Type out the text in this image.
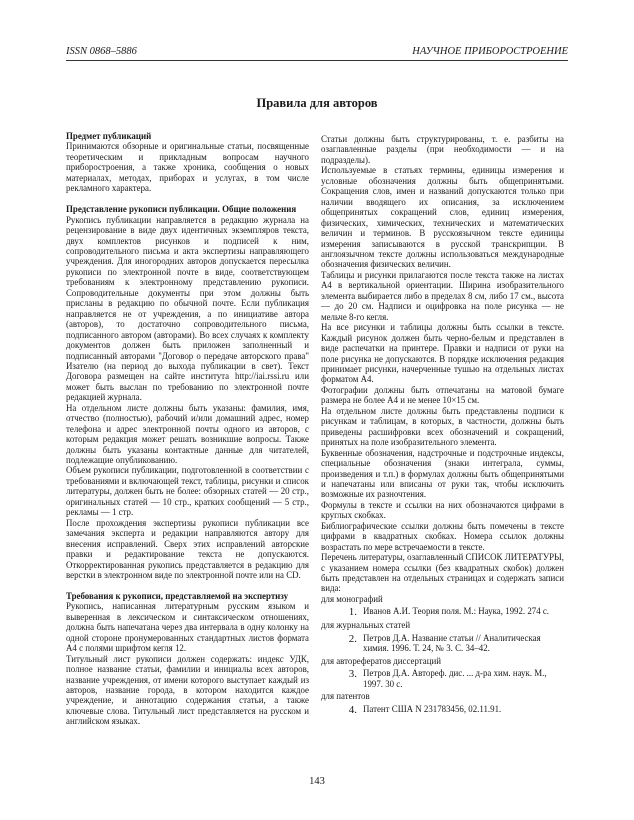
ISSN 0868–5886	НАУЧНОЕ ПРИБОРОСТРОЕНИЕ
Правила для авторов

Предмет публикаций

Принимаются обзорные и оригинальные статьи, посвященные теоретическим и прикладным вопросам научного приборостроения, а также хроника, сообщения о новых материалах, методах, приборах и услугах, в том числе рекламного характера.

Представление рукописи публикации. Общие положения

Рукопись публикации направляется в редакцию журнала на рецензирование в виде двух идентичных экземпляров текста, двух комплектов рисунков и подписей к ним, сопроводительного письма и акта экспертизы направляющего учреждения. Для иногородних авторов допускается пересылка рукописи по электронной почте в виде, соответствующем требованиям к электронному представлению рукописи. Сопроводительные документы при этом должны быть присланы в редакцию по обычной почте. Если публикация направляется не от учреждения, а по инициативе автора (авторов), то достаточно сопроводительного письма, подписанного автором (авторами). Во всех случаях к комплекту документов должен быть приложен заполненный и подписанный авторами "Договор о передаче авторского права" Изателю (на период до выхода публикации в свет). Текст Договора размещен на сайте института http://iai.rssi.ru или может быть выслан по требованию по электронной почте редакцией журнала.

На отдельном листе должны быть указаны: фамилия, имя, отчество (полностью), рабочий и/или домашний адрес, номер телефона и адрес электронной почты одного из авторов, с которым редакция может решать возникшие вопросы. Также должны быть указаны контактные данные для читателей, подлежащие опубликованию.

Объем рукописи публикации, подготовленной в соответствии с требованиями и включающей текст, таблицы, рисунки и список литературы, должен быть не более: обзорных статей — 20 стр., оригинальных статей — 10 стр., кратких сообщений — 5 стр., рекламы — 1 стр.

После прохождения экспертизы рукописи публикации все замечания эксперта и редакции направляются автору для внесения исправлений. Сверх этих исправлений авторские правки и редактирование текста не допускаются. Откорректированная рукопись представляется в редакцию для верстки в электронном виде по электронной почте или на CD.

Требования к рукописи, представляемой на экспертизу

Рукопись, написанная литературным русским языком и выверенная в лексическом и синтаксическом отношениях, должна быть напечатана через два интервала в одну колонку на одной стороне пронумерованных стандартных листов формата А4 с полями шрифтом кегля 12.

Титульный лист рукописи должен содержать: индекс УДК, полное название статьи, фамилии и инициалы всех авторов, название учреждения, от имени которого выступает каждый из авторов, название города, в котором находится каждое учреждение, и аннотацию содержания статьи, а также ключевые слова. Титульный лист представляется на русском и английском языках.

Статьи должны быть структурированы, т. е. разбиты на озаглавленные разделы (при необходимости — и на подразделы).

Используемые в статьях термины, единицы измерения и условные обозначения должны быть общепринятыми. Сокращения слов, имен и названий допускаются только при наличии вводящего их описания, за исключением общепринятых сокращений слов, единиц измерения, физических, химических, технических и математических величин и терминов. В русскоязычном тексте единицы измерения записываются в русской транскрипции. В англоязычном тексте должны использоваться международные обозначения физических величин.

Таблицы и рисунки прилагаются после текста также на листах А4 в вертикальной ориентации. Ширина изобразительного элемента выбирается либо в пределах 8 см, либо 17 см., высота — до 20 см. Надписи и оцифровка на поле рисунка — не мельче 8-го кегля.

На все рисунки и таблицы должны быть ссылки в тексте. Каждый рисунок должен быть черно-белым и представлен в виде распечатки на принтере. Правки и надписи от руки на поле рисунка не допускаются. В порядке исключения редакция принимает рисунки, начерченные тушью на отдельных листах форматом А4.

Фотографии должны быть отпечатаны на матовой бумаге размера не более А4 и не менее 10×15 см.

На отдельном листе должны быть представлены подписи к рисункам и таблицам, в которых, в частности, должны быть приведены расшифровки всех обозначений и сокращений, принятых на поле изобразительного элемента.

Буквенные обозначения, надстрочные и подстрочные индексы, специальные обозначения (знаки интеграла, суммы, произведения и т.п.) в формулах должны быть общепринятыми и напечатаны или вписаны от руки так, чтобы исключить возможные их разночтения.

Формулы в тексте и ссылки на них обозначаются цифрами в круглых скобках.

Библиографические ссылки должны быть помечены в тексте цифрами в квадратных скобках. Номера ссылок должны возрастать по мере встречаемости в тексте.

Перечень литературы, озаглавленный СПИСОК ЛИТЕРАТУРЫ, с указанием номера ссылки (без квадратных скобок) должен быть представлен на отдельных страницах и содержать записи вида:

для монографий

1. Иванов А.И. Теория поля. М.: Наука, 1992. 274 с.

для журнальных статей

2. Петров Д.А. Название статьи // Аналитическая химия. 1996. Т. 24, № 3. С. 34–42.

для авторефератов диссертаций

3. Петров Д.А. Автореф. дис. ... д-ра хим. наук. М., 1997. 30 с.

для патентов

4. Патент США N 231783456, 02.11.91.
143
